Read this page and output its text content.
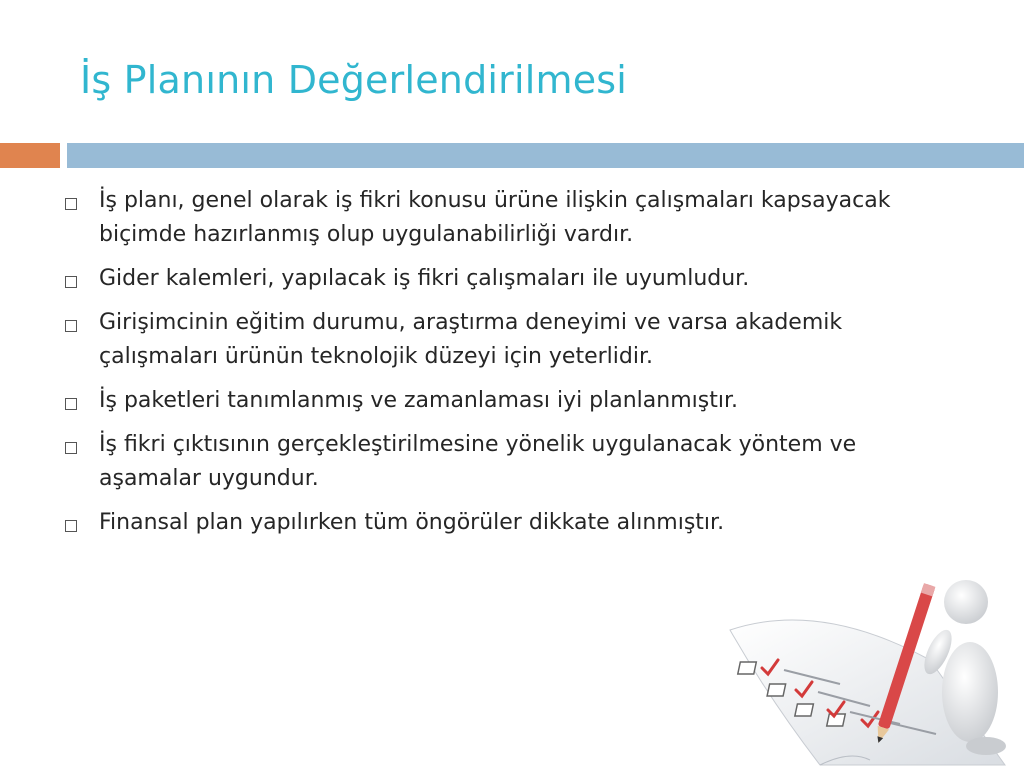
İş Planının Değerlendirilmesi
İş planı, genel olarak iş fikri konusu ürüne ilişkin çalışmaları kapsayacak biçimde hazırlanmış olup uygulanabilirliği vardır.
Gider kalemleri, yapılacak iş fikri çalışmaları ile uyumludur.
Girişimcinin eğitim durumu, araştırma deneyimi ve varsa akademik çalışmaları ürünün teknolojik düzeyi için yeterlidir.
İş paketleri tanımlanmış ve zamanlaması iyi planlanmıştır.
İş fikri çıktısının gerçekleştirilmesine yönelik uygulanacak yöntem ve aşamalar uygundur.
Finansal plan yapılırken tüm öngörüler dikkate alınmıştır.
